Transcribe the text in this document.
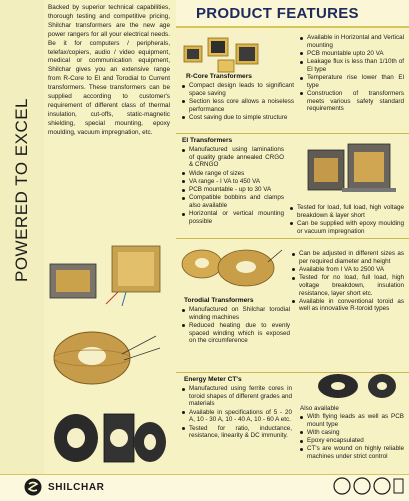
POWERED TO EXCEL
Backed by superior technical capabilities, thorough testing and competitive pricing, Shilchar transformers are the new age power rangers for all your electrical needs. Be it for computers / peripherals, telefax/copiers, audio / video equipment, medical or communication equipment, Shilchar gives you an extensive range from R-Core to El and Torodial to Current transformers. These transformers can be supplied according to customer's requirement of different class of thermal insulation, cut-offs, static-magnetic shielding, special mounting, epoxy moulding, vacuum impregnation, etc.
PRODUCT FEATURES
R-Core Transformers
Compact design leads to significant space saving
Section less core allows a noiseless performance
Cost saving due to simple structure
Available in Horizontal and Vertical mounting
PCB mountable upto 20 VA
Leakage flux is less than 1/10th of El type
Temperature rise lower than El type
Construction of transformers meets various safety standard requirements
El Transformers
Manufactured using laminations of quality grade annealed CRGO & CRNGO
Wide range of sizes
VA range - I VA to 450 VA
PCB mountable - up to 30 VA
Compatible bobbins and clamps also available
Horizontal or vertical mounting possible
Tested for load, full load, high voltage breakdown & layer short
Can be supplied with epoxy moulding or vacuum impregnation
Torodial Transformers
Manufactured on Shilchar torodial winding machines
Reduced heating due to evenly spaced winding which is exposed on the circumference
Can be adjusted in different sizes as per required diameter and height
Available from I VA to 2500 VA
Tested for no load, full load, high voltage breakdown, insulation resistance, layer short etc.
Available in conventional toroid as well as innovative R-toroid types
Energy Meter CT's
Manufactured using ferrite cores in toroid shapes of different grades and materials
Available in specifications of 5 - 20 A, 10 - 30 A, 10 - 40 A, 10 - 60 A etc.
Tested for ratio, inductance, resistance, linearity & DC immunity.
Also available
With flying leads as well as PCB mount type
With casing
Epoxy encapsulated
CT's are wound on highly reliable machines under strict control
SHILCHAR
